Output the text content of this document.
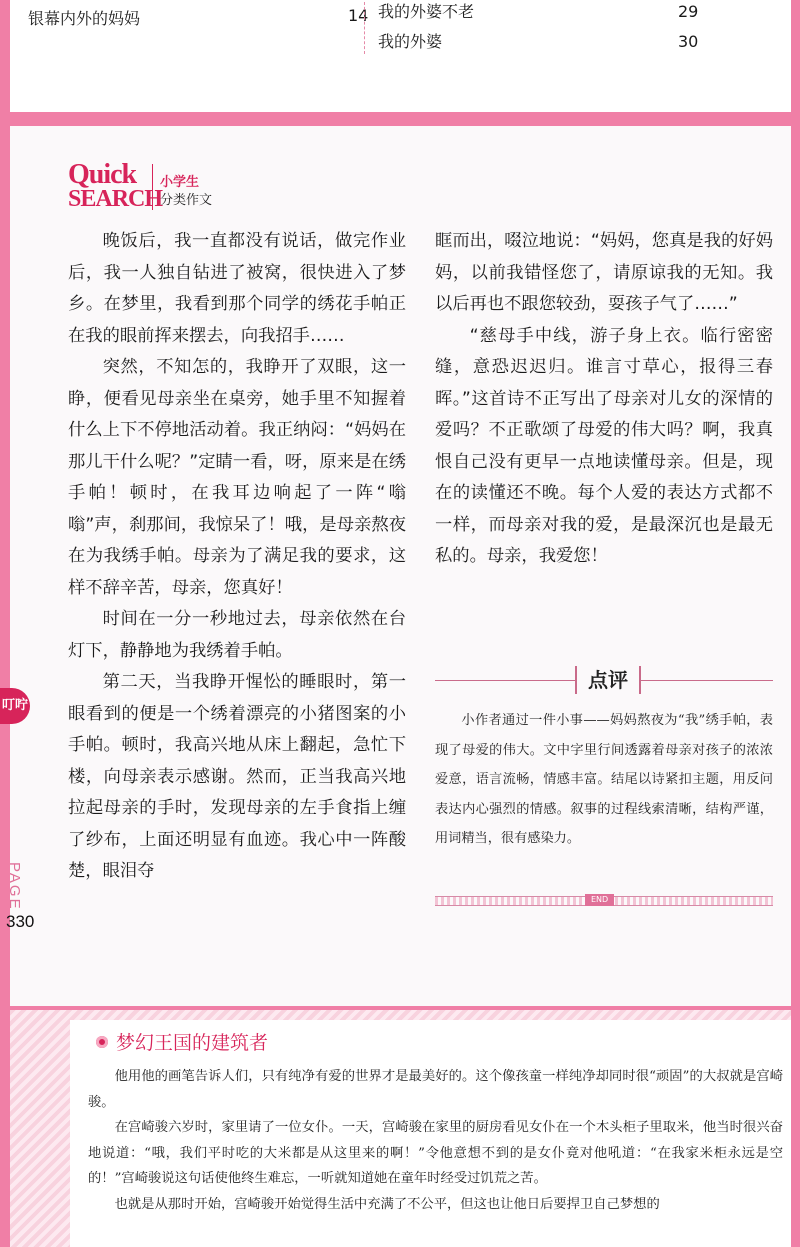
银幕内外的妈妈	14 我的外婆不老	29
我的外婆	30
Quick
SEARCH
小学生
分类作文

晚饭后，我一直都没有说话，做完作业后，我一人独自钻进了被窝，很快进入了梦乡。在梦里，我看到那个同学的绣花手帕正在我的眼前挥来摆去，向我招手……

突然，不知怎的，我睁开了双眼，这一睁，便看见母亲坐在桌旁，她手里不知握着什么上下不停地活动着。我正纳闷：“妈妈在那儿干什么呢？”定睛一看，呀，原来是在绣手帕！顿时，在我耳边响起了一阵“嗡嗡”声，刹那间，我惊呆了！哦，是母亲熬夜在为我绣手帕。母亲为了满足我的要求，这样不辞辛苦，母亲，您真好！

时间在一分一秒地过去，母亲依然在台灯下，静静地为我绣着手帕。

第二天，当我睁开惺忪的睡眼时，第一眼看到的便是一个绣着漂亮的小猪图案的小手帕。顿时，我高兴地从床上翻起，急忙下楼，向母亲表示感谢。然而，正当我高兴地拉起母亲的手时，发现母亲的左手食指上缠了纱布，上面还明显有血迹。我心中一阵酸楚，眼泪夺

眶而出，啜泣地说：“妈妈，您真是我的好妈妈，以前我错怪您了，请原谅我的无知。我以后再也不跟您较劲，耍孩子气了……”

“慈母手中线，游子身上衣。临行密密缝，意恐迟迟归。谁言寸草心，报得三春晖。”这首诗不正写出了母亲对儿女的深情的爱吗？不正歌颂了母爱的伟大吗？啊，我真恨自己没有更早一点地读懂母亲。但是，现在的读懂还不晚。每个人爱的表达方式都不一样，而母亲对我的爱，是最深沉也是最无私的。母亲，我爱您！

点评

小作者通过一件小事——妈妈熬夜为“我”绣手帕，表现了母爱的伟大。文中字里行间透露着母亲对孩子的浓浓爱意，语言流畅，情感丰富。结尾以诗紧扣主题，用反问表达内心强烈的情感。叙事的过程线索清晰，结构严谨，用词精当，很有感染力。

END
叮咛
PAGE
330
梦幻王国的建筑者

他用他的画笔告诉人们，只有纯净有爱的世界才是最美好的。这个像孩童一样纯净却同时很“顽固”的大叔就是宫崎骏。

在宫崎骏六岁时，家里请了一位女仆。一天，宫崎骏在家里的厨房看见女仆在一个木头柜子里取米，他当时很兴奋地说道：“哦，我们平时吃的大米都是从这里来的啊！”令他意想不到的是女仆竟对他吼道：“在我家米柜永远是空的！”宫崎骏说这句话使他终生难忘，一听就知道她在童年时经受过饥荒之苦。

也就是从那时开始，宫崎骏开始觉得生活中充满了不公平，但这也让他日后要捍卫自己梦想的
